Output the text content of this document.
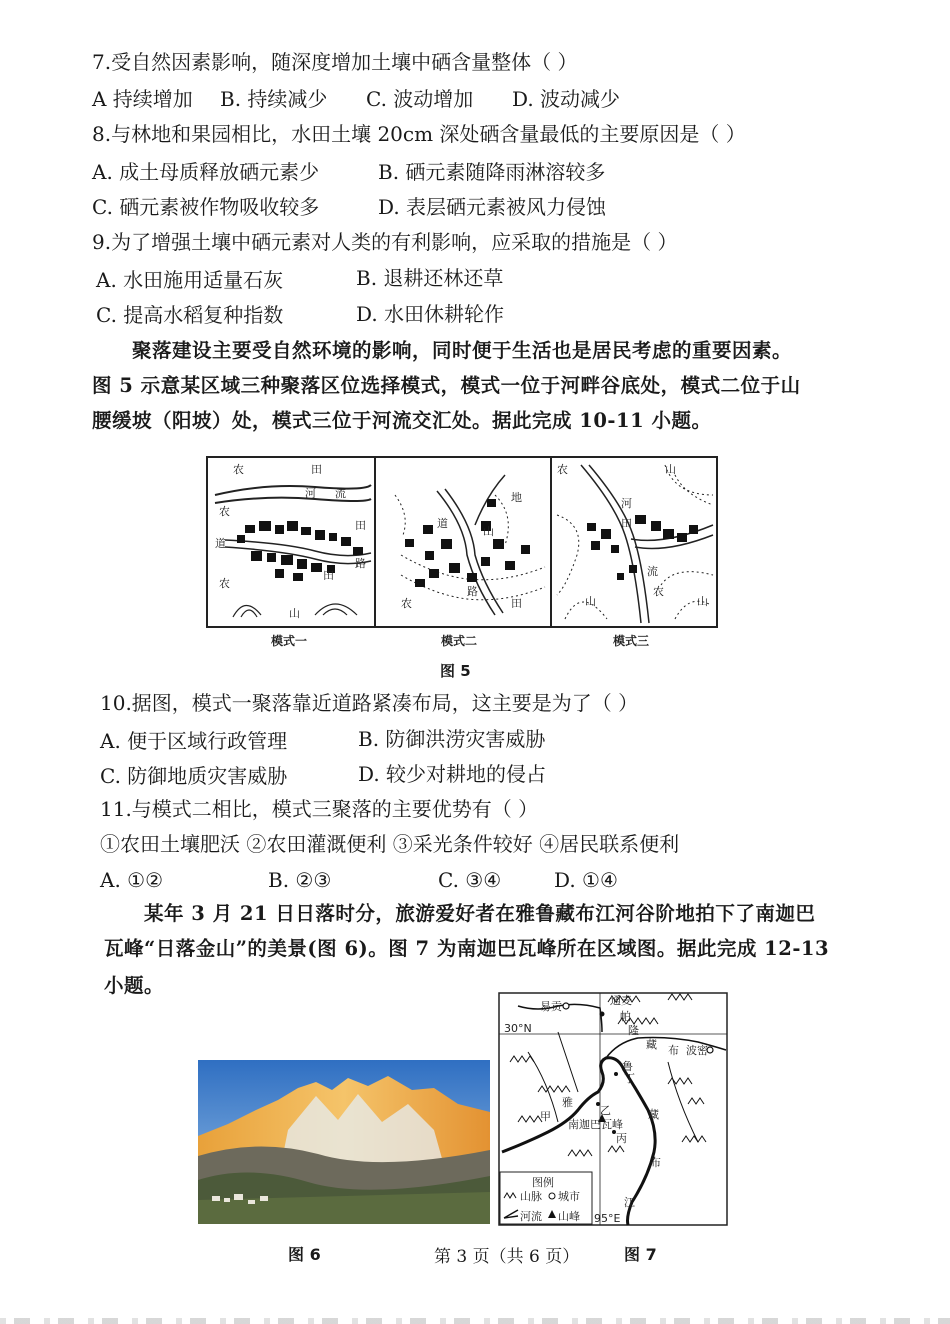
7.受自然因素影响，随深度增加土壤中硒含量整体（ ）
A 持续增加 B. 持续减少 C. 波动增加 D. 波动减少
8.与林地和果园相比，水田土壤 20cm 深处硒含量最低的主要原因是（ ）
A. 成土母质释放硒元素少	B. 硒元素随降雨淋溶较多
C. 硒元素被作物吸收较多	D. 表层硒元素被风力侵蚀
9.为了增强土壤中硒元素对人类的有利影响，应采取的措施是（ ）
A. 水田施用适量石灰	B. 退耕还林还草
C. 提高水稻复种指数	D. 水田休耕轮作
聚落建设主要受自然环境的影响，同时便于生活也是居民考虑的重要因素。
图 5 示意某区域三种聚落区位选择模式，模式一位于河畔谷底处，模式二位于山
腰缓坡（阳坡）处，模式三位于河流交汇处。据此完成 10-11 小题。
农	田
河 流
农
道
田
路
农
田
山
地
道
山
农
路
田
农	山
河
田
流
农
山	山
模式一	模式二	模式三
图 5
10.据图，模式一聚落靠近道路紧凑布局，这主要是为了（ ）
A. 便于区域行政管理	B. 防御洪涝灾害威胁
C. 防御地质灾害威胁	D. 较少对耕地的侵占
11.与模式二相比，模式三聚落的主要优势有（ ）
①农田土壤肥沃 ②农田灌溉便利 ③采光条件较好 ④居民联系便利
A. ①②	B. ②③	C. ③④	D. ①④
某年 3 月 21 日日落时分，旅游爱好者在雅鲁藏布江河谷阶地拍下了南迦巴
瓦峰“日落金山”的美景(图 6)。图 7 为南迦巴瓦峰所在区域图。据此完成 12-13
小题。
易贡	通麦
帕
隆
藏 布 波密
30°N
鲁
丁
雅
甲	乙
南迦巴瓦峰
丙
藏
布
江
95°E
图例
山脉 城市
河流 山峰
图 6	第 3 页（共 6 页）	图 7
